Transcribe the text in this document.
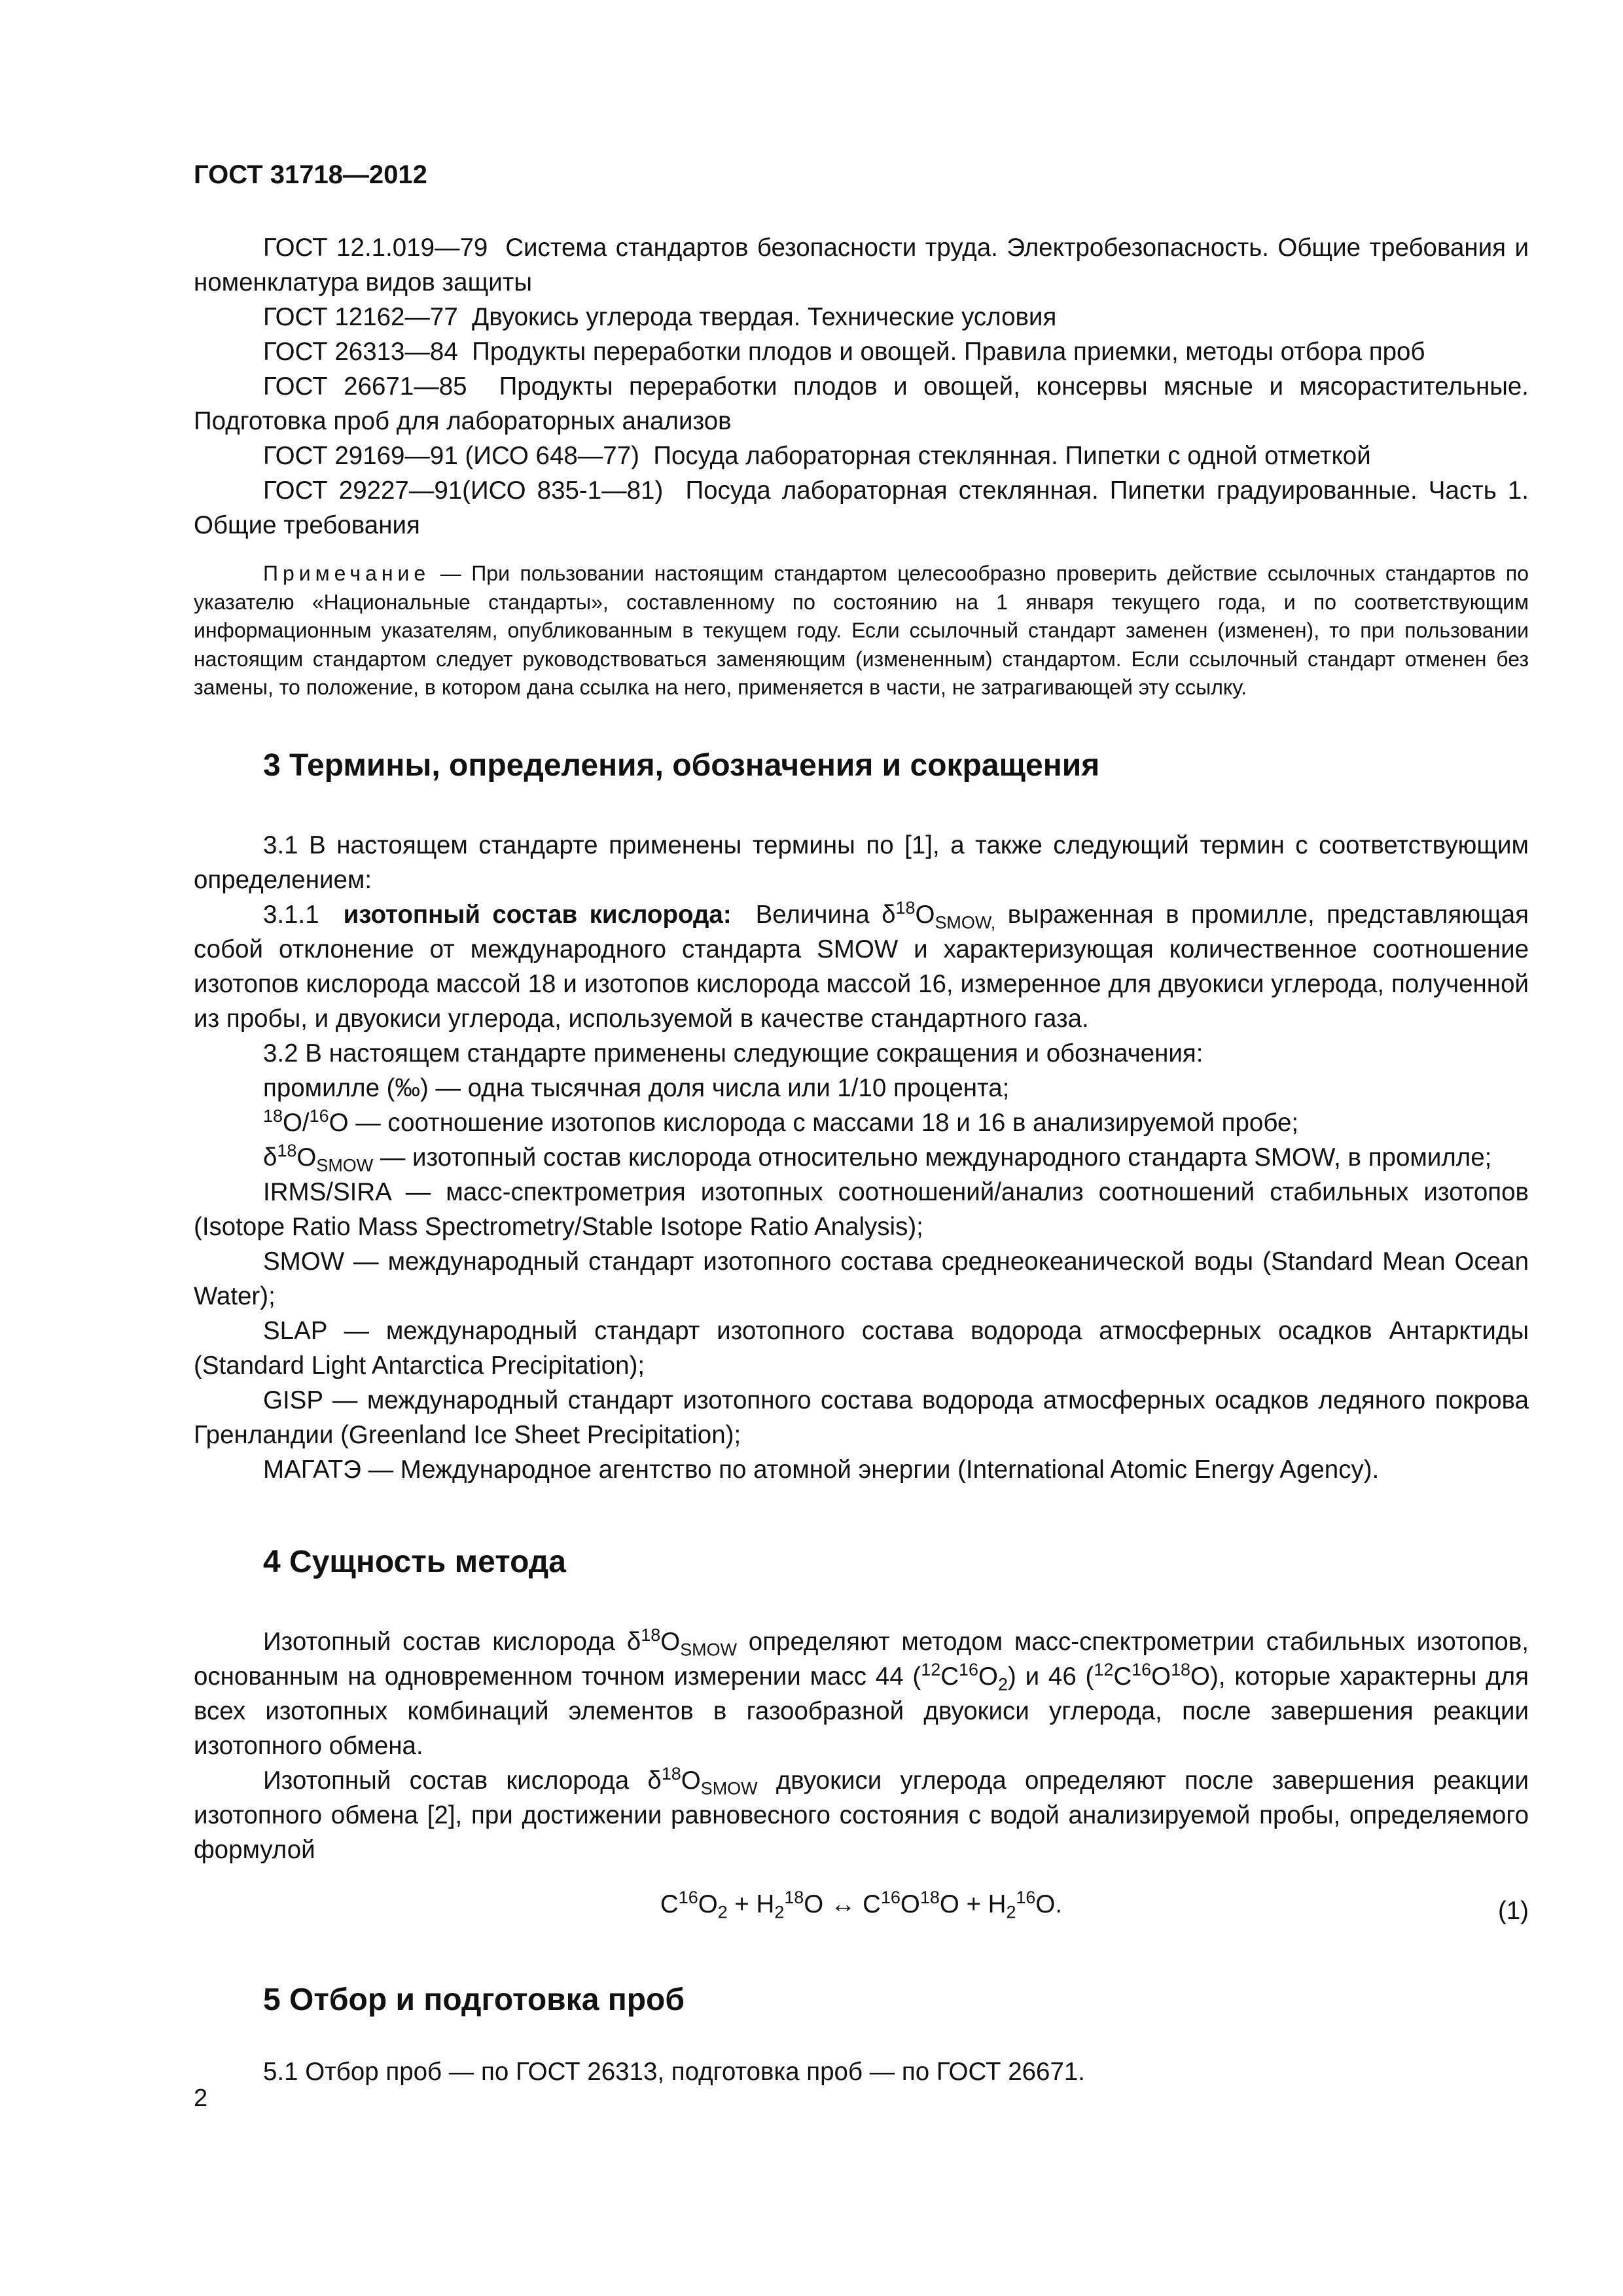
ГОСТ 31718—2012

ГОСТ 12.1.019—79 Система стандартов безопасности труда. Электробезопасность. Общие требования и номенклатура видов защиты

ГОСТ 12162—77 Двуокись углерода твердая. Технические условия

ГОСТ 26313—84 Продукты переработки плодов и овощей. Правила приемки, методы отбора проб

ГОСТ 26671—85 Продукты переработки плодов и овощей, консервы мясные и мясорастительные. Подготовка проб для лабораторных анализов

ГОСТ 29169—91 (ИСО 648—77) Посуда лабораторная стеклянная. Пипетки с одной отметкой

ГОСТ 29227—91(ИСО 835-1—81) Посуда лабораторная стеклянная. Пипетки градуированные. Часть 1. Общие требования

Примечание — При пользовании настоящим стандартом целесообразно проверить действие ссылочных стандартов по указателю «Национальные стандарты», составленному по состоянию на 1 января текущего года, и по соответствующим информационным указателям, опубликованным в текущем году. Если ссылочный стандарт заменен (изменен), то при пользовании настоящим стандартом следует руководствоваться заменяющим (измененным) стандартом. Если ссылочный стандарт отменен без замены, то положение, в котором дана ссылка на него, применяется в части, не затрагивающей эту ссылку.

3 Термины, определения, обозначения и сокращения

3.1 В настоящем стандарте применены термины по [1], а также следующий термин с соответствующим определением:

3.1.1 изотопный состав кислорода: Величина $\delta^{18}O_{SMOW,}$ выраженная в промилле, представляющая собой отклонение от международного стандарта SMOW и характеризующая количественное соотношение изотопов кислорода массой 18 и изотопов кислорода массой 16, измеренное для двуокиси углерода, полученной из пробы, и двуокиси углерода, используемой в качестве стандартного газа.

3.2 В настоящем стандарте применены следующие сокращения и обозначения:

промилле (‰) — одна тысячная доля числа или 1/10 процента;

$^{18}$O/$^{16}$O — соотношение изотопов кислорода с массами 18 и 16 в анализируемой пробе;

$\delta^{18}O_{SMOW}$ — изотопный состав кислорода относительно международного стандарта SMOW, в промилле;

IRMS/SIRA — масс-спектрометрия изотопных соотношений/анализ соотношений стабильных изотопов (Isotope Ratio Mass Spectrometry/Stable Isotope Ratio Analysis);

SMOW — международный стандарт изотопного состава среднеокеанической воды (Standard Mean Ocean Water);

SLAP — международный стандарт изотопного состава водорода атмосферных осадков Антарктиды (Standard Light Antarctica Precipitation);

GISP — международный стандарт изотопного состава водорода атмосферных осадков ледяного покрова Гренландии (Greenland Ice Sheet Precipitation);

МАГАТЭ — Международное агентство по атомной энергии (International Atomic Energy Agency).

4 Сущность метода

Изотопный состав кислорода $\delta^{18}O_{SMOW}$ определяют методом масс-спектрометрии стабильных изотопов, основанным на одновременном точном измерении масс 44 $(^{12}C^{16}O_2)$ и 46 $(^{12}C^{16}O^{18}O)$, которые характерны для всех изотопных комбинаций элементов в газообразной двуокиси углерода, после завершения реакции изотопного обмена.

Изотопный состав кислорода $\delta^{18}O_{SMOW}$ двуокиси углерода определяют после завершения реакции изотопного обмена [2], при достижении равновесного состояния с водой анализируемой пробы, определяемого формулой

$C^{16}O_2 + H_2^{18}O$ ↔ $C^{16}O^{18}O + H_2^{16}O$.	(1)
5 Отбор и подготовка проб

5.1 Отбор проб — по ГОСТ 26313, подготовка проб — по ГОСТ 26671.

2
